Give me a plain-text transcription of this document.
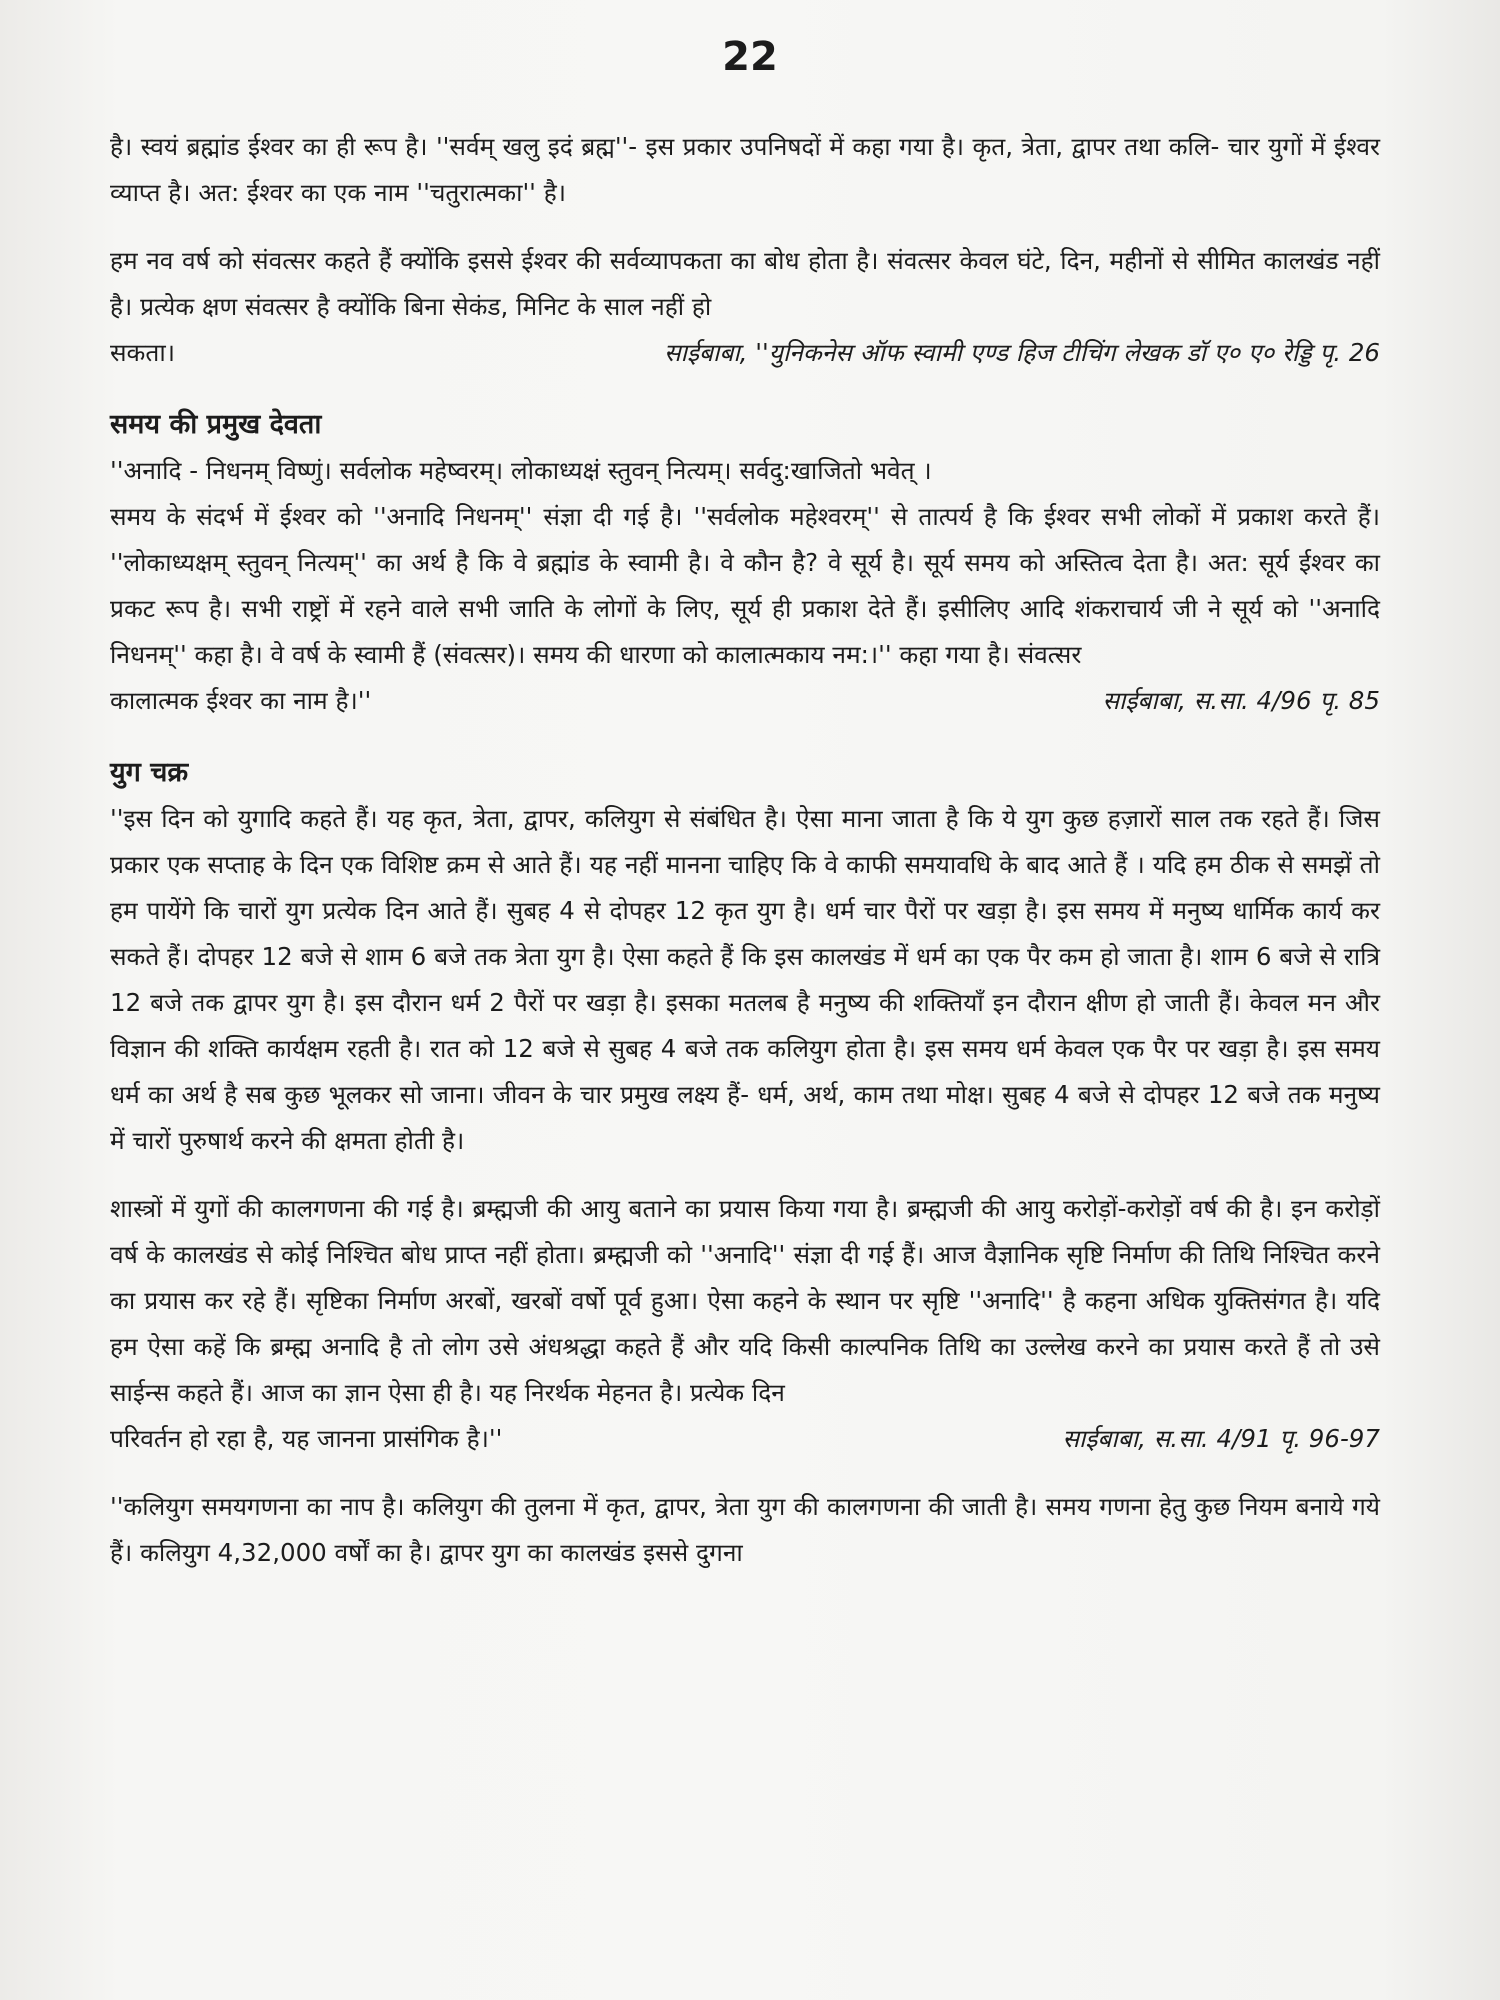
22

है। स्वयं ब्रह्मांड ईश्वर का ही रूप है। ''सर्वम् खलु इदं ब्रह्म''- इस प्रकार उपनिषदों में कहा गया है। कृत, त्रेता, द्वापर तथा कलि- चार युगों में ईश्वर व्याप्त है। अत: ईश्वर का एक नाम ''चतुरात्मका'' है।

हम नव वर्ष को संवत्सर कहते हैं क्योंकि इससे ईश्वर की सर्वव्यापकता का बोध होता है। संवत्सर केवल घंटे, दिन, महीनों से सीमित कालखंड नहीं है। प्रत्येक क्षण संवत्सर है क्योंकि बिना सेकंड, मिनिट के साल नहीं हो

सकता।	साईबाबा, ''युनिकनेस ऑफ स्वामी एण्ड हिज टीचिंग लेखक डॉ ए० ए० रेड्डि पृ. 26
समय की प्रमुख देवता

''अनादि - निधनम् विष्णुं। सर्वलोक महेष्वरम्। लोकाध्यक्षं स्तुवन् नित्यम्। सर्वदु:खाजितो भवेत् ।

समय के संदर्भ में ईश्वर को ''अनादि निधनम्'' संज्ञा दी गई है। ''सर्वलोक महेश्वरम्'' से तात्पर्य है कि ईश्वर सभी लोकों में प्रकाश करते हैं। ''लोकाध्यक्षम् स्तुवन् नित्यम्'' का अर्थ है कि वे ब्रह्मांड के स्वामी है। वे कौन है? वे सूर्य है। सूर्य समय को अस्तित्व देता है। अत: सूर्य ईश्वर का प्रकट रूप है। सभी राष्ट्रों में रहने वाले सभी जाति के लोगों के लिए, सूर्य ही प्रकाश देते हैं। इसीलिए आदि शंकराचार्य जी ने सूर्य को ''अनादि निधनम्'' कहा है। वे वर्ष के स्वामी हैं (संवत्सर)। समय की धारणा को कालात्मकाय नम:।'' कहा गया है। संवत्सर

कालात्मक ईश्वर का नाम है।''	साईबाबा, स.सा. 4/96 पृ. 85
युग चक्र

''इस दिन को युगादि कहते हैं। यह कृत, त्रेता, द्वापर, कलियुग से संबंधित है। ऐसा माना जाता है कि ये युग कुछ हज़ारों साल तक रहते हैं। जिस प्रकार एक सप्ताह के दिन एक विशिष्ट क्रम से आते हैं। यह नहीं मानना चाहिए कि वे काफी समयावधि के बाद आते हैं । यदि हम ठीक से समझें तो हम पायेंगे कि चारों युग प्रत्येक दिन आते हैं। सुबह 4 से दोपहर 12 कृत युग है। धर्म चार पैरों पर खड़ा है। इस समय में मनुष्य धार्मिक कार्य कर सकते हैं। दोपहर 12 बजे से शाम 6 बजे तक त्रेता युग है। ऐसा कहते हैं कि इस कालखंड में धर्म का एक पैर कम हो जाता है। शाम 6 बजे से रात्रि 12 बजे तक द्वापर युग है। इस दौरान धर्म 2 पैरों पर खड़ा है। इसका मतलब है मनुष्य की शक्तियाँ इन दौरान क्षीण हो जाती हैं। केवल मन और विज्ञान की शक्ति कार्यक्षम रहती है। रात को 12 बजे से सुबह 4 बजे तक कलियुग होता है। इस समय धर्म केवल एक पैर पर खड़ा है। इस समय धर्म का अर्थ है सब कुछ भूलकर सो जाना। जीवन के चार प्रमुख लक्ष्य हैं- धर्म, अर्थ, काम तथा मोक्ष। सुबह 4 बजे से दोपहर 12 बजे तक मनुष्य में चारों पुरुषार्थ करने की क्षमता होती है।

शास्त्रों में युगों की कालगणना की गई है। ब्रम्ह्मजी की आयु बताने का प्रयास किया गया है। ब्रम्ह्मजी की आयु करोड़ों-करोड़ों वर्ष की है। इन करोड़ों वर्ष के कालखंड से कोई निश्चित बोध प्राप्त नहीं होता। ब्रम्ह्मजी को ''अनादि'' संज्ञा दी गई हैं। आज वैज्ञानिक सृष्टि निर्माण की तिथि निश्चित करने का प्रयास कर रहे हैं। सृष्टिका निर्माण अरबों, खरबों वर्षो पूर्व हुआ। ऐसा कहने के स्थान पर सृष्टि ''अनादि'' है कहना अधिक युक्तिसंगत है। यदि हम ऐसा कहें कि ब्रम्ह्म अनादि है तो लोग उसे अंधश्रद्धा कहते हैं और यदि किसी काल्पनिक तिथि का उल्लेख करने का प्रयास करते हैं तो उसे साईन्स कहते हैं। आज का ज्ञान ऐसा ही है। यह निरर्थक मेहनत है। प्रत्येक दिन

परिवर्तन हो रहा है, यह जानना प्रासंगिक है।''	साईबाबा, स.सा. 4/91 पृ. 96-97

''कलियुग समयगणना का नाप है। कलियुग की तुलना में कृत, द्वापर, त्रेता युग की कालगणना की जाती है। समय गणना हेतु कुछ नियम बनाये गये हैं। कलियुग 4,32,000 वर्षों का है। द्वापर युग का कालखंड इससे दुगना
